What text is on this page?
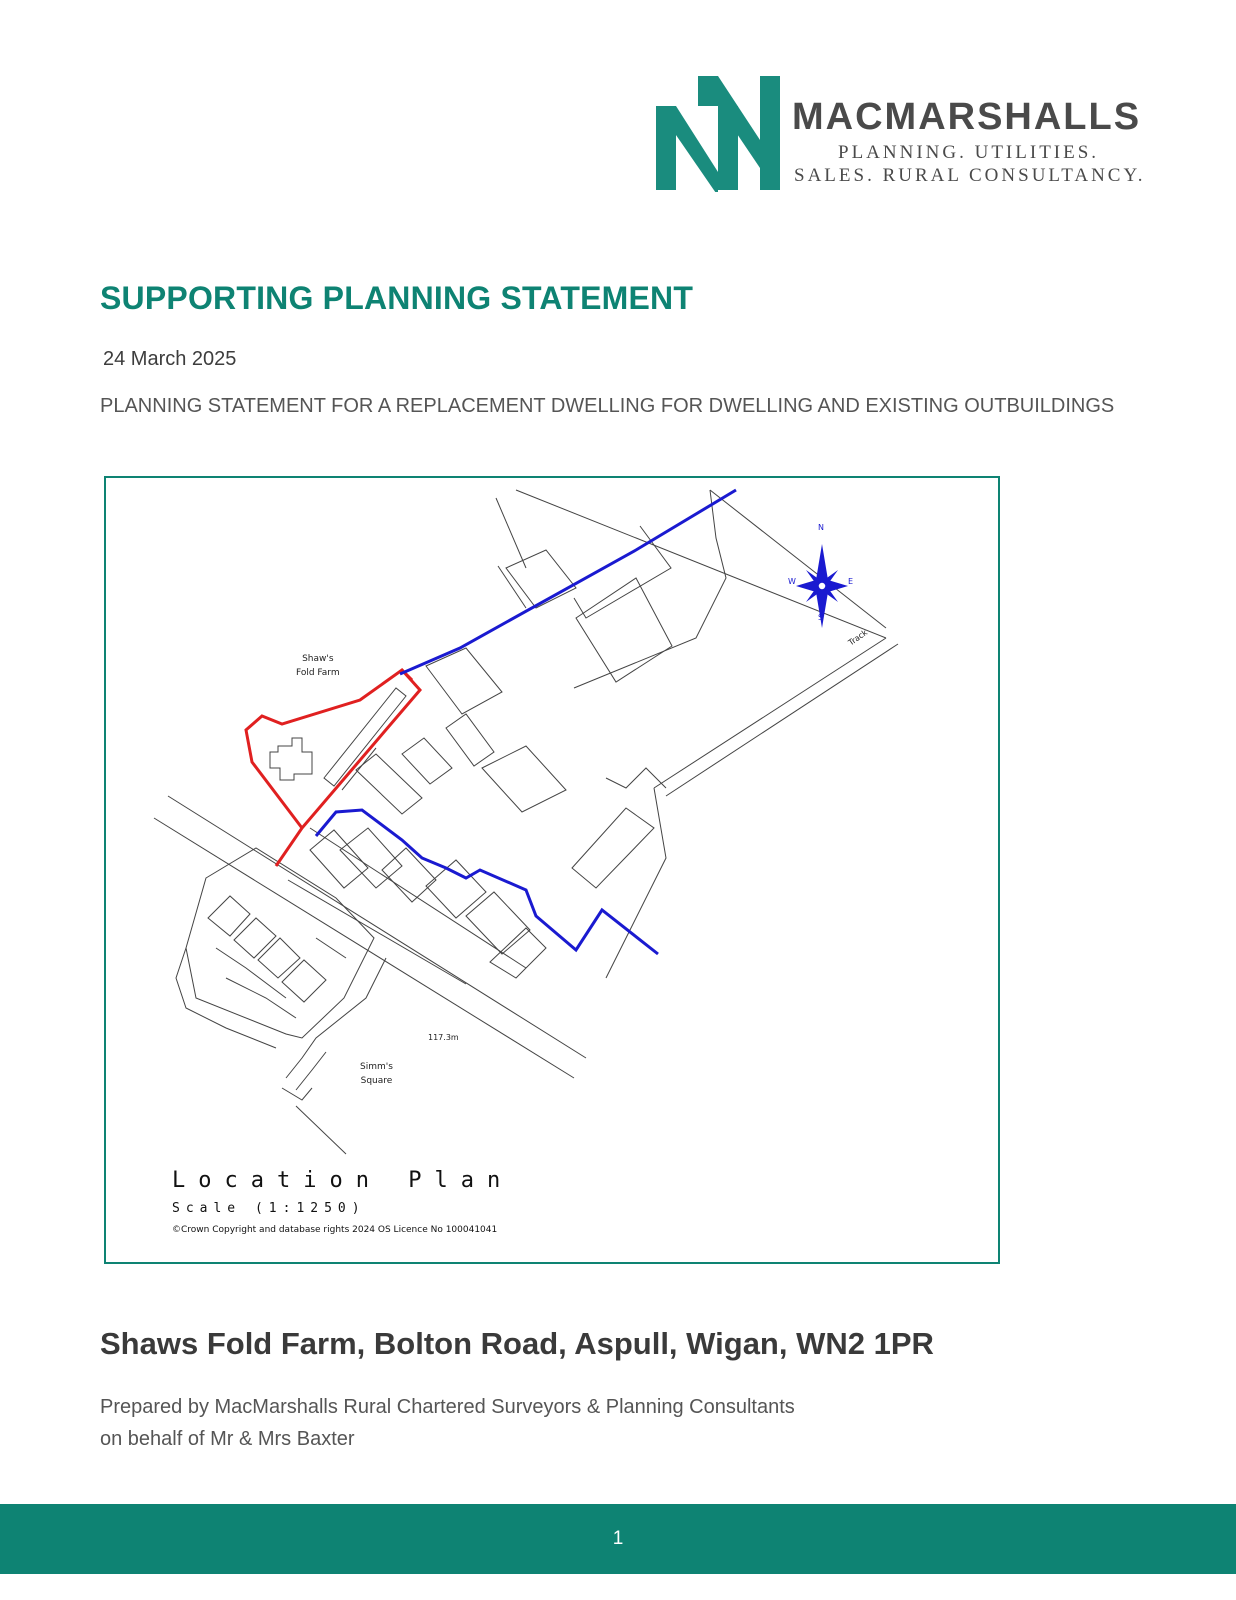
MACMARSHALLS
PLANNING. UTILITIES.
SALES. RURAL CONSULTANCY.
SUPPORTING PLANNING STATEMENT
24 March 2025
PLANNING STATEMENT FOR A REPLACEMENT DWELLING FOR DWELLING AND EXISTING OUTBUILDINGS
N
S
W	E
Shaw's
Fold Farm
Simm's
Square
Track
117.3m
Location Plan
Scale (1:1250)
©Crown Copyright and database rights 2024 OS Licence No 100041041
Shaws Fold Farm, Bolton Road, Aspull, Wigan, WN2 1PR
Prepared by MacMarshalls Rural Chartered Surveyors & Planning Consultants
on behalf of Mr & Mrs Baxter
1
